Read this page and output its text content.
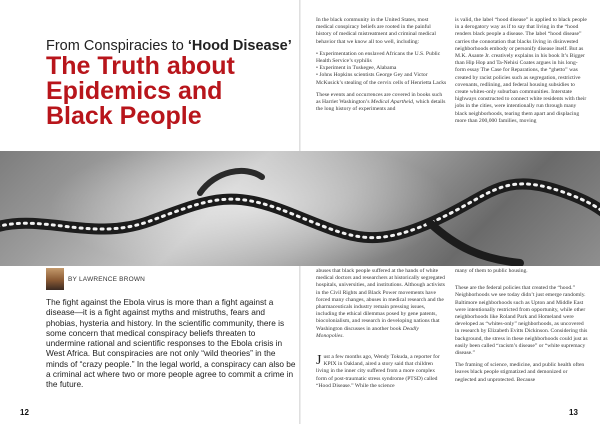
From Conspiracies to ‘Hood Disease’
The Truth about
Epidemics and
Black People

In the black community in the United States, most medical conspiracy beliefs are rooted in the painful history of medical mistreatment and criminal medical behavior that we know all too well, including:

• Experimentation on enslaved Africans the U.S. Public Health Service’s syphilis
• Experiment in Tuskegee, Alabama
• Johns Hopkins scientists George Gey and Victor McKusick’s stealing of the cervix cells of Henrietta Lacks

These events and occurrences are covered in books such as Harriet Washington’s Medical Apartheid, which details the long history of experiments and

is valid, the label “hood disease” is applied to black people in a derogatory way as if to say that living in the “hood renders black people a disease. The label “hood disease” carries the connotation that blacks living in disinvested neighborhoods embody or personify disease itself. But as M.K. Asante Jr. creatively explains in his book It’s Bigger than Hip Hop and Ta-Nehisi Coates argues in his long-form essay The Case for Reparations, the “ghetto” was created by racist policies such as segregation, restrictive covenants, redlining, and federal housing subsidies to create whites-only suburban communities. Interstate highways constructed to connect white residents with their jobs in the cities, were intentionally run through many black neighborhoods, tearing them apart and displacing more than 200,000 families, moving

BY LAWRENCE BROWN

The fight against the Ebola virus is more than a fight against a disease—it is a fight against myths and mistruths, fears and phobias, hysteria and history. In the scientific community, there is some concern that medical conspiracy beliefs threaten to undermine rational and scientific responses to the Ebola crisis in West Africa. But conspiracies are not only “wild theories” in the minds of “crazy people.” In the legal world, a conspiracy can also be a criminal act where two or more people agree to commit a crime in the future.

abuses that black people suffered at the hands of white medical doctors and researchers at historically segregated hospitals, universities, and institutions. Although activists in the Civil Rights and Black Power movements have forced many changes, abuses in medical research and the pharmaceuticals industry remain pressing issues, including the ethical dilemmas posed by gene patents, biocolonialism, and research in developing nations that Washington discusses in another book Deadly Monopolies.

Just a few months ago, Wendy Tokuda, a reporter for KPIX in Oakland, aired a story said that children living in the inner city suffered from a more complex form of post-traumatic stress syndrome (PTSD) called “Hood Disease.” While the science

many of them to public housing.

These are the federal policies that created the “hood.” Neighborhoods we see today didn’t just emerge randomly. Baltimore neighborhoods such as Upton and Middle East were intentionally restricted from opportunity, while other neighborhoods like Roland Park and Homeland were developed as “whites-only” neighborhoods, as uncovered in research by Elizabeth Evitts Dickinson. Considering this background, the stress in these neighborhoods could just as easily been called “racism’s disease” or “white supremacy disease.”

The framing of science, medicine, and public health often leaves black people stigmatized and demonized or neglected and unprotected. Because

12	13
